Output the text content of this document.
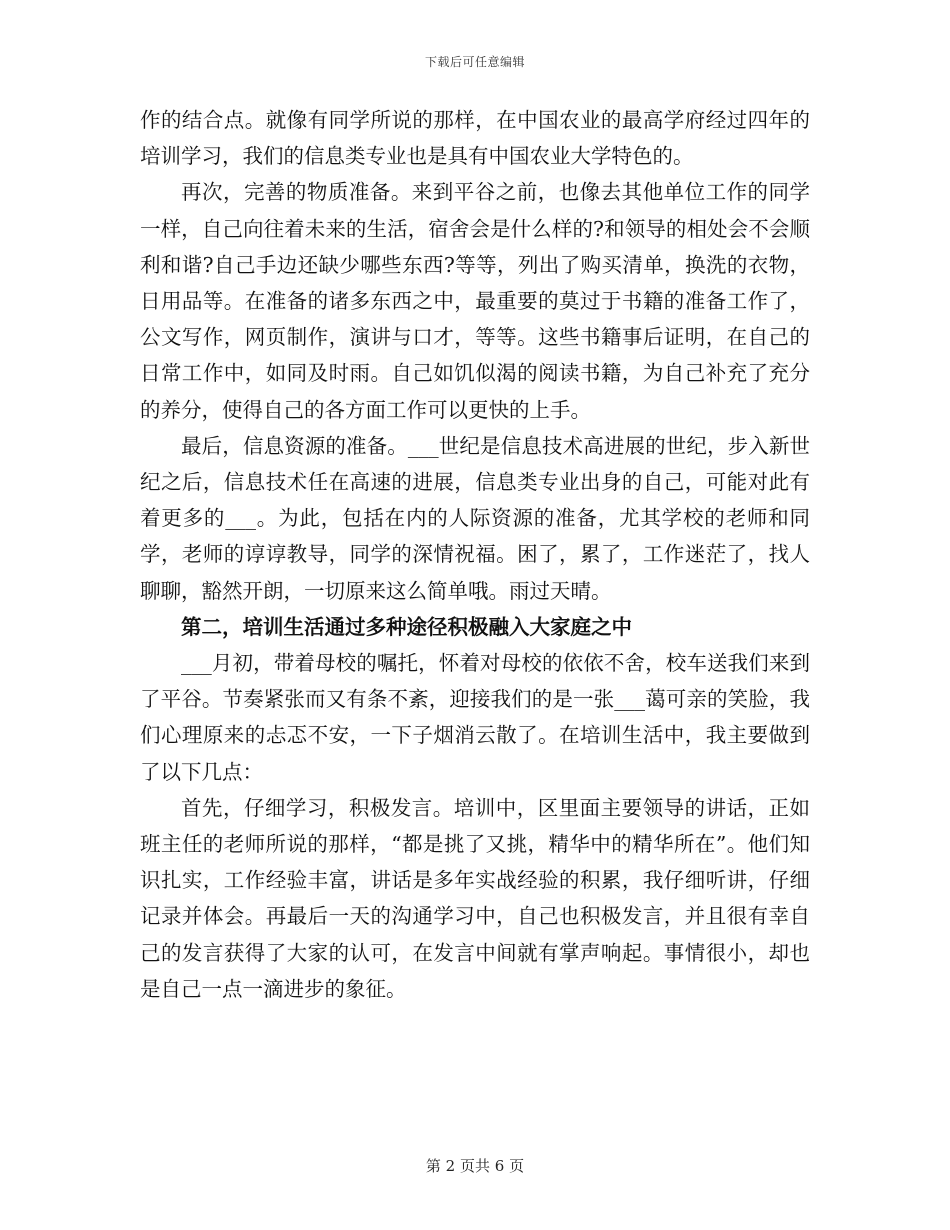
下载后可任意编辑

作的结合点。就像有同学所说的那样，在中国农业的最高学府经过四年的培训学习，我们的信息类专业也是具有中国农业大学特色的。

再次，完善的物质准备。来到平谷之前，也像去其他单位工作的同学一样，自己向往着未来的生活，宿舍会是什么样的?和领导的相处会不会顺利和谐?自己手边还缺少哪些东西?等等，列出了购买清单，换洗的衣物，日用品等。在准备的诸多东西之中，最重要的莫过于书籍的准备工作了，公文写作，网页制作，演讲与口才，等等。这些书籍事后证明，在自己的日常工作中，如同及时雨。自己如饥似渴的阅读书籍，为自己补充了充分的养分，使得自己的各方面工作可以更快的上手。

最后，信息资源的准备。___世纪是信息技术高进展的世纪，步入新世纪之后，信息技术任在高速的进展，信息类专业出身的自己，可能对此有着更多的___。为此，包括在内的人际资源的准备，尤其学校的老师和同学，老师的谆谆教导，同学的深情祝福。困了，累了，工作迷茫了，找人聊聊，豁然开朗，一切原来这么简单哦。雨过天晴。

第二，培训生活通过多种途径积极融入大家庭之中

___月初，带着母校的嘱托，怀着对母校的依依不舍，校车送我们来到了平谷。节奏紧张而又有条不紊，迎接我们的是一张___蔼可亲的笑脸，我们心理原来的忐忑不安，一下子烟消云散了。在培训生活中，我主要做到了以下几点：

首先，仔细学习，积极发言。培训中，区里面主要领导的讲话，正如班主任的老师所说的那样，“都是挑了又挑，精华中的精华所在”。他们知识扎实，工作经验丰富，讲话是多年实战经验的积累，我仔细听讲，仔细记录并体会。再最后一天的沟通学习中，自己也积极发言，并且很有幸自己的发言获得了大家的认可，在发言中间就有掌声响起。事情很小，却也是自己一点一滴进步的象征。

第 2 页共 6 页
